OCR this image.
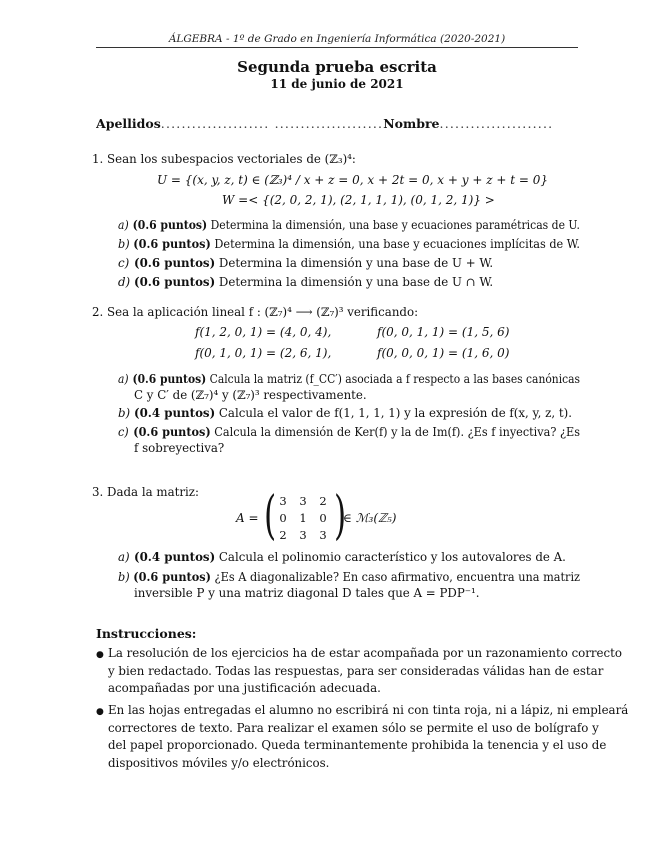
ÁLGEBRA - 1º de Grado en Ingeniería Informática (2020-2021)
Segunda prueba escrita
11 de junio de 2021
Apellidos ..................... ..................... Nombre ......................
1. Sean los subespacios vectoriales de (ℤ₃)⁴:
U = {(x, y, z, t) ∈ (ℤ₃)⁴ / x + z = 0, x + 2t = 0, x + y + z + t = 0}
W =< {(2, 0, 2, 1), (2, 1, 1, 1), (0, 1, 2, 1)} >
a) (0.6 puntos) Determina la dimensión, una base y ecuaciones paramétricas de U.
b) (0.6 puntos) Determina la dimensión, una base y ecuaciones implícitas de W.
c) (0.6 puntos) Determina la dimensión y una base de U + W.
d) (0.6 puntos) Determina la dimensión y una base de U ∩ W.
2. Sea la aplicación lineal f : (ℤ₇)⁴ ⟶ (ℤ₇)³ verificando:
f(1, 2, 0, 1) = (4, 0, 4),	f(0, 0, 1, 1) = (1, 5, 6)
f(0, 1, 0, 1) = (2, 6, 1),	f(0, 0, 0, 1) = (1, 6, 0)
a) (0.6 puntos) Calcula la matriz (f_CC′) asociada a f respecto a las bases canónicas
C y C′ de (ℤ₇)⁴ y (ℤ₇)³ respectivamente.
b) (0.4 puntos) Calcula el valor de f(1, 1, 1, 1) y la expresión de f(x, y, z, t).
c) (0.6 puntos) Calcula la dimensión de Ker(f) y la de Im(f). ¿Es f inyectiva? ¿Es
f sobreyectiva?
3. Dada la matriz:
A = ( 3 3 2
0 1 0
2 3 3 )
∈ ℳ₃(ℤ₅)
a) (0.4 puntos) Calcula el polinomio característico y los autovalores de A.
b) (0.6 puntos) ¿Es A diagonalizable? En caso afirmativo, encuentra una matriz
inversible P y una matriz diagonal D tales que A = PDP⁻¹.
Instrucciones:
● La resolución de los ejercicios ha de estar acompañada por un razonamiento correcto
y bien redactado. Todas las respuestas, para ser consideradas válidas han de estar
acompañadas por una justificación adecuada.
● En las hojas entregadas el alumno no escribirá ni con tinta roja, ni a lápiz, ni empleará
correctores de texto. Para realizar el examen sólo se permite el uso de bolígrafo y
del papel proporcionado. Queda terminantemente prohibida la tenencia y el uso de
dispositivos móviles y/o electrónicos.
